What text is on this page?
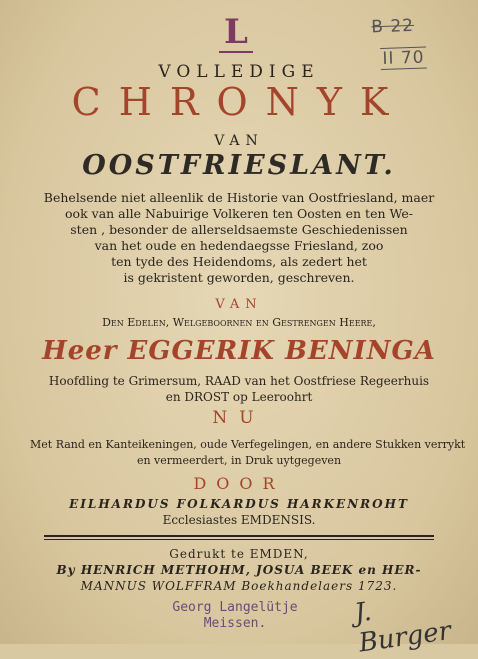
L	B 22
II 70
VOLLEDIGE
CHRONYK
VAN
OOSTFRIESLANT.
Behelsende niet alleenlik de Historie van Oostfriesland, maer
ook van alle Nabuirige Volkeren ten Oosten en ten We-
sten , besonder de allerseldsaemste Geschiedenissen
van het oude en hedendaegsse Friesland, zoo
ten tyde des Heidendoms, als zedert het
is gekristent geworden, geschreven.
VAN
Den Edelen, Welgeboornen en Gestrengen Heere,
Heer EGGERIK BENINGA
Hoofdling te Grimersum, RAAD van het Oostfriese Regeerhuis
en DROST op Leeroohrt
NU
Met Rand en Kanteikeningen, oude Verfegelingen, en andere Stukken verrykt
en vermeerdert, in Druk uytgegeven
DOOR
EILHARDUS FOLKARDUS HARKENROHT
Ecclesiastes EMDENSIS.
Gedrukt te EMDEN,
By HENRICH METHOHM, JOSUA BEEK en HER-
MANNUS WOLFFRAM Boekhandelaers 1723.
Georg Langelütje
Meissen.	J. Burger
